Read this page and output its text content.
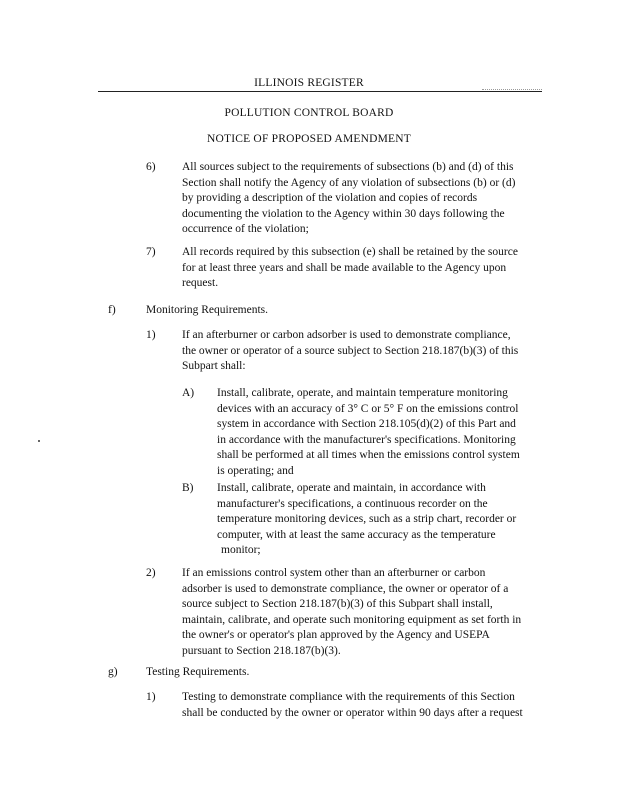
ILLINOIS REGISTER
POLLUTION CONTROL BOARD
NOTICE OF PROPOSED AMENDMENT
6) All sources subject to the requirements of subsections (b) and (d) of this
Section shall notify the Agency of any violation of subsections (b) or (d)
by providing a description of the violation and copies of records
documenting the violation to the Agency within 30 days following the
occurrence of the violation;
7) All records required by this subsection (e) shall be retained by the source
for at least three years and shall be made available to the Agency upon
request.
f)	Monitoring Requirements.
1) If an afterburner or carbon adsorber is used to demonstrate compliance,
the owner or operator of a source subject to Section 218.187(b)(3) of this
Subpart shall:
A) Install, calibrate, operate, and maintain temperature monitoring
devices with an accuracy of 3° C or 5° F on the emissions control
system in accordance with Section 218.105(d)(2) of this Part and
in accordance with the manufacturer's specifications. Monitoring
shall be performed at all times when the emissions control system
is operating; and
B) Install, calibrate, operate and maintain, in accordance with
manufacturer's specifications, a continuous recorder on the
temperature monitoring devices, such as a strip chart, recorder or
computer, with at least the same accuracy as the temperature
monitor;
2) If an emissions control system other than an afterburner or carbon
adsorber is used to demonstrate compliance, the owner or operator of a
source subject to Section 218.187(b)(3) of this Subpart shall install,
maintain, calibrate, and operate such monitoring equipment as set forth in
the owner's or operator's plan approved by the Agency and USEPA
pursuant to Section 218.187(b)(3).
g) Testing Requirements.
1) Testing to demonstrate compliance with the requirements of this Section
shall be conducted by the owner or operator within 90 days after a request
